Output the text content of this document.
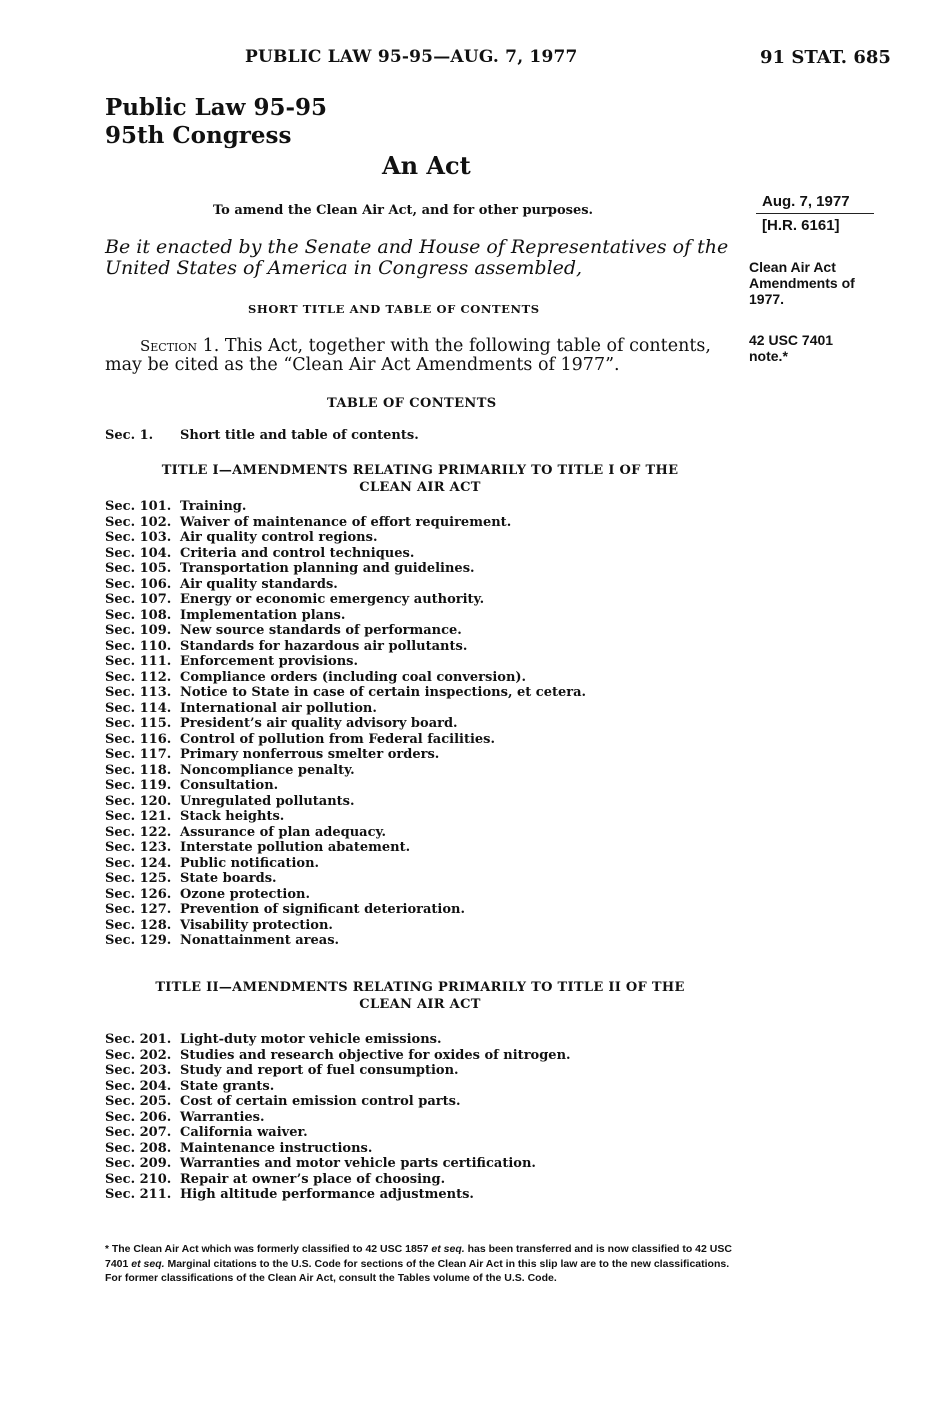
PUBLIC LAW 95-95—AUG. 7, 1977	91 STAT. 685
Public Law 95-95
95th Congress
An Act
To amend the Clean Air Act, and for other purposes.
Aug. 7, 1977
[H.R. 6161]
Clean Air Act
Amendments of
1977.
42 USC 7401
note.*
Be it enacted by the Senate and House of Representatives of the United States of America in Congress assembled,
SHORT TITLE AND TABLE OF CONTENTS
Section 1. This Act, together with the following table of contents, may be cited as the “Clean Air Act Amendments of 1977”.
TABLE OF CONTENTS
Sec. 1. Short title and table of contents.
TITLE I—AMENDMENTS RELATING PRIMARILY TO TITLE I OF THE
CLEAN AIR ACT
Sec. 101. Training.
Sec. 102. Waiver of maintenance of effort requirement.
Sec. 103. Air quality control regions.
Sec. 104. Criteria and control techniques.
Sec. 105. Transportation planning and guidelines.
Sec. 106. Air quality standards.
Sec. 107. Energy or economic emergency authority.
Sec. 108. Implementation plans.
Sec. 109. New source standards of performance.
Sec. 110. Standards for hazardous air pollutants.
Sec. 111. Enforcement provisions.
Sec. 112. Compliance orders (including coal conversion).
Sec. 113. Notice to State in case of certain inspections, et cetera.
Sec. 114. International air pollution.
Sec. 115. President’s air quality advisory board.
Sec. 116. Control of pollution from Federal facilities.
Sec. 117. Primary nonferrous smelter orders.
Sec. 118. Noncompliance penalty.
Sec. 119. Consultation.
Sec. 120. Unregulated pollutants.
Sec. 121. Stack heights.
Sec. 122. Assurance of plan adequacy.
Sec. 123. Interstate pollution abatement.
Sec. 124. Public notification.
Sec. 125. State boards.
Sec. 126. Ozone protection.
Sec. 127. Prevention of significant deterioration.
Sec. 128. Visability protection.
Sec. 129. Nonattainment areas.
TITLE II—AMENDMENTS RELATING PRIMARILY TO TITLE II OF THE
CLEAN AIR ACT
Sec. 201. Light-duty motor vehicle emissions.
Sec. 202. Studies and research objective for oxides of nitrogen.
Sec. 203. Study and report of fuel consumption.
Sec. 204. State grants.
Sec. 205. Cost of certain emission control parts.
Sec. 206. Warranties.
Sec. 207. California waiver.
Sec. 208. Maintenance instructions.
Sec. 209. Warranties and motor vehicle parts certification.
Sec. 210. Repair at owner’s place of choosing.
Sec. 211. High altitude performance adjustments.
* The Clean Air Act which was formerly classified to 42 USC 1857 et seq. has been transferred and is now classified to 42 USC 7401 et seq. Marginal citations to the U.S. Code for sections of the Clean Air Act in this slip law are to the new classifications. For former classifications of the Clean Air Act, consult the Tables volume of the U.S. Code.
